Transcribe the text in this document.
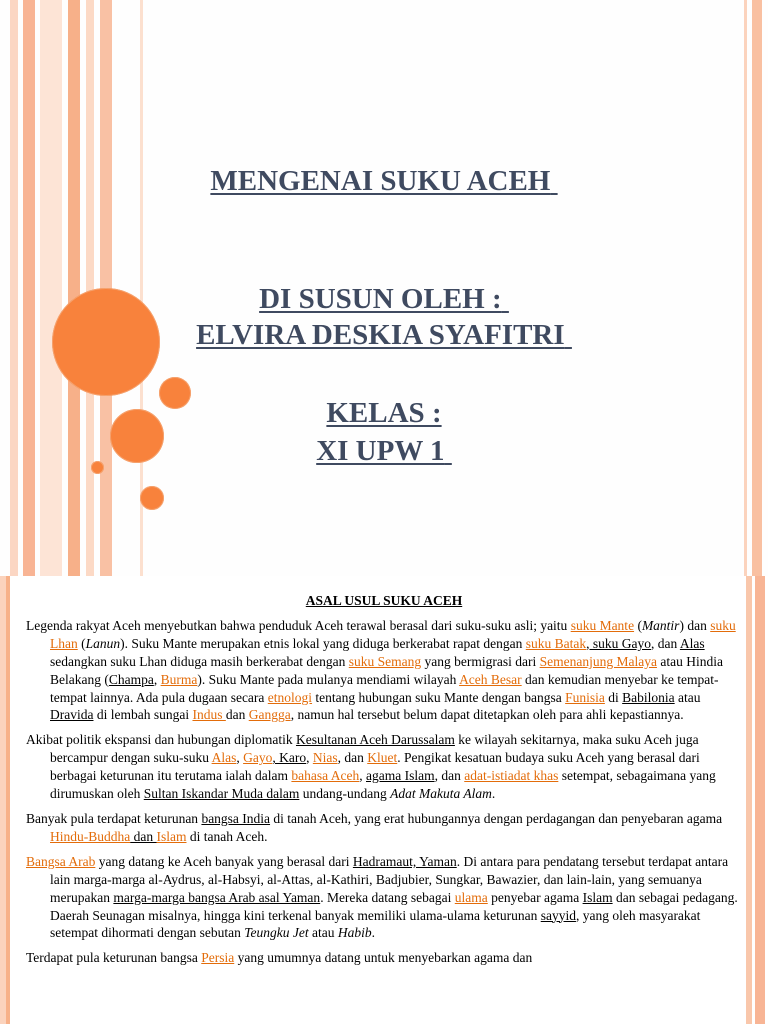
MENGENAI SUKU ACEH
DI SUSUN OLEH :
ELVIRA DESKIA SYAFITRI
KELAS :
XI UPW 1
ASAL USUL SUKU ACEH

Legenda rakyat Aceh menyebutkan bahwa penduduk Aceh terawal berasal dari suku-suku asli; yaitu suku Mante (Mantir) dan suku Lhan (Lanun). Suku Mante merupakan etnis lokal yang diduga berkerabat rapat dengan suku Batak, suku Gayo, dan Alas sedangkan suku Lhan diduga masih berkerabat dengan suku Semang yang bermigrasi dari Semenanjung Malaya atau Hindia Belakang (Champa, Burma). Suku Mante pada mulanya mendiami wilayah Aceh Besar dan kemudian menyebar ke tempat-tempat lainnya. Ada pula dugaan secara etnologi tentang hubungan suku Mante dengan bangsa Funisia di Babilonia atau Dravida di lembah sungai Indus dan Gangga, namun hal tersebut belum dapat ditetapkan oleh para ahli kepastiannya.

Akibat politik ekspansi dan hubungan diplomatik Kesultanan Aceh Darussalam ke wilayah sekitarnya, maka suku Aceh juga bercampur dengan suku-suku Alas, Gayo, Karo, Nias, dan Kluet. Pengikat kesatuan budaya suku Aceh yang berasal dari berbagai keturunan itu terutama ialah dalam bahasa Aceh, agama Islam, dan adat-istiadat khas setempat, sebagaimana yang dirumuskan oleh Sultan Iskandar Muda dalam undang-undang Adat Makuta Alam.

Banyak pula terdapat keturunan bangsa India di tanah Aceh, yang erat hubungannya dengan perdagangan dan penyebaran agama Hindu-Buddha dan Islam di tanah Aceh.

Bangsa Arab yang datang ke Aceh banyak yang berasal dari Hadramaut, Yaman. Di antara para pendatang tersebut terdapat antara lain marga-marga al-Aydrus, al-Habsyi, al-Attas, al-Kathiri, Badjubier, Sungkar, Bawazier, dan lain-lain, yang semuanya merupakan marga-marga bangsa Arab asal Yaman. Mereka datang sebagai ulama penyebar agama Islam dan sebagai pedagang. Daerah Seunagan misalnya, hingga kini terkenal banyak memiliki ulama-ulama keturunan sayyid, yang oleh masyarakat setempat dihormati dengan sebutan Teungku Jet atau Habib.

Terdapat pula keturunan bangsa Persia yang umumnya datang untuk menyebarkan agama dan
